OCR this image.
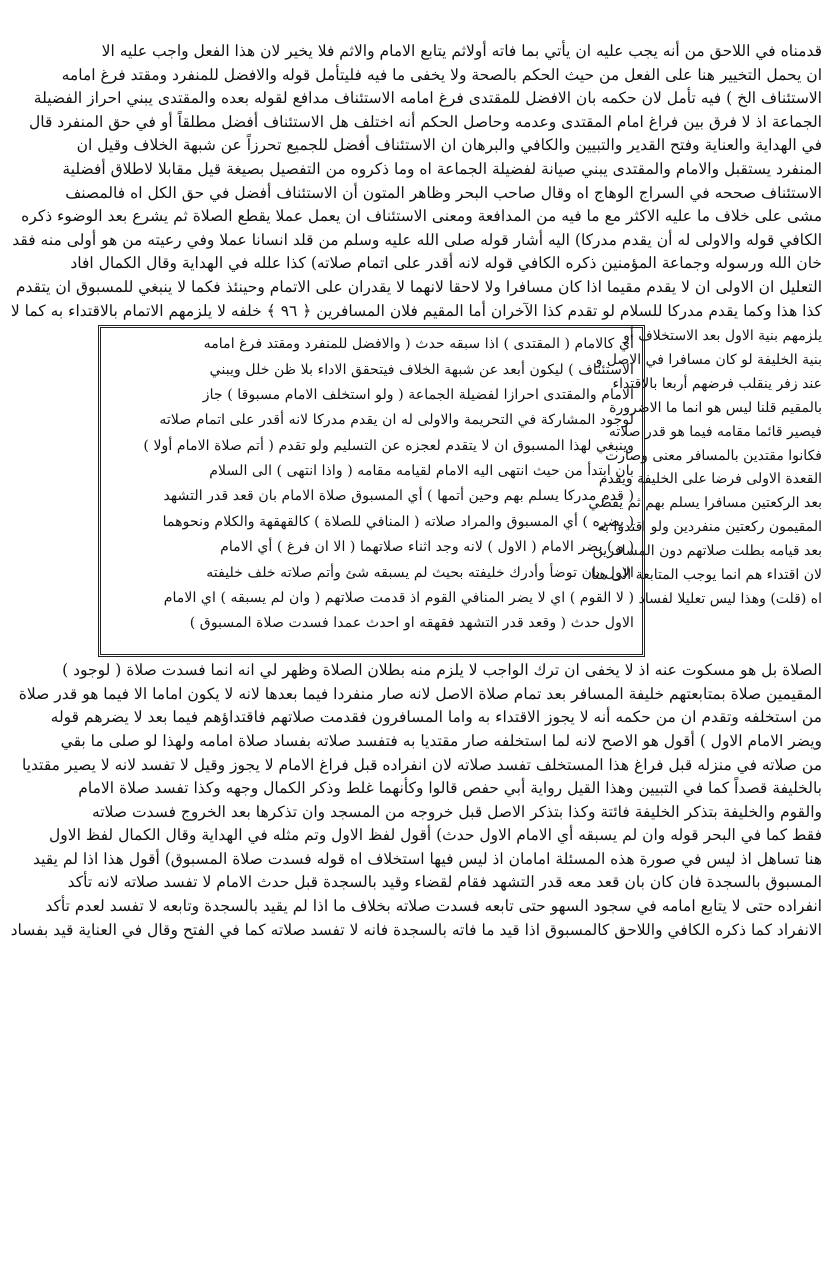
قدمناه في اللاحق من أنه يجب عليه ان يأتي بما فاته أولاثم يتابع الامام والاثم فلا يخير لان هذا الفعل واجب عليه الا
ان يحمل التخيير هنا على الفعل من حيث الحكم بالصحة ولا يخفى ما فيه فليتأمل قوله والافضل للمنفرد ومقتد فرغ امامه
الاستئناف الخ ) فيه تأمل لان حكمه بان الافضل للمقتدى فرغ امامه الاستئناف مدافع لقوله بعده والمقتدى يبني احراز الفضيلة
الجماعة اذ لا فرق بين فراغ امام المقتدى وعدمه وحاصل الحكم أنه اختلف هل الاستئناف أفضل مطلقاً أو في حق المنفرد قال
في الهداية والعناية وفتح القدير والتبيين والكافي والبرهان ان الاستئناف أفضل للجميع تحرزاً عن شبهة الخلاف وقيل ان
المنفرد يستقبل والامام والمقتدى يبني صيانة لفضيلة الجماعة اه وما ذكروه من التفصيل بصيغة قيل مقابلا لاطلاق أفضلية
الاستئناف صححه في السراج الوهاج اه وقال صاحب البحر وظاهر المتون أن الاستئناف أفضل في حق الكل اه فالمصنف
مشى على خلاف ما عليه الاكثر مع ما فيه من المدافعة ومعنى الاستئناف ان يعمل عملا يقطع الصلاة ثم يشرع بعد الوضوء ذكره
الكافي قوله والاولى له أن يقدم مدركا) اليه أشار قوله صلى الله عليه وسلم من قلد انسانا عملا وفي رعيته من هو أولى منه فقد
خان الله ورسوله وجماعة المؤمنين ذكره الكافي قوله لانه أقدر على اتمام صلاته) كذا علله في الهداية وقال الكمال افاد
التعليل ان الاولى ان لا يقدم مقيما اذا كان مسافرا ولا لاحقا لانهما لا يقدران على الاتمام وحينئذ فكما لا ينبغي للمسبوق ان يتقدم
كذا هذا وكما يقدم مدركا للسلام لو تقدم كذا الآخران أما المقيم فلان المسافرين ﴿ ٩٦ ﴾ خلفه لا يلزمهم الاتمام بالاقتداء به كما لا
يلزمهم بنية الاول بعد الاستخلاف أو
بنية الخليفة لو كان مسافرا في الاصل و
عند زفر ينقلب فرضهم أربعا بالاقتداء
بالمقيم قلنا ليس هو انما ما الاضرورة
فيصير قائما مقامه فيما هو قدر صلاته
فكانوا مقتدين بالمسافر معنى وصارت
القعدة الاولى فرضا على الخليفة ويقدم
بعد الركعتين مسافرا يسلم بهم ثم يقضي
المقيمون ركعتين منفردين ولو اقتدوا به
بعد قيامه بطلت صلاتهم دون المسافرين
لان اقتداء هم انما يوجب المتابعة الى هنا
اه (قلت) وهذا ليس تعليلا لفساد
أي كالامام ( المقتدى ) اذا سبقه حدث ( والافضل للمنفرد ومقتد فرغ امامه
الاستئناف ) ليكون أبعد عن شبهة الخلاف فيتحقق الاداء بلا ظن خلل ويبني
الامام والمقتدى احرازا لفضيلة الجماعة ( ولو استخلف الامام مسبوقا ) جاز
لوجود المشاركة في التحريمة والاولى له ان يقدم مدركا لانه أقدر على اتمام صلاته
وينبغي لهذا المسبوق ان لا يتقدم لعجزه عن التسليم ولو تقدم ( أتم صلاة الامام أولا )
بان ابتدأ من حيث انتهى اليه الامام لقيامه مقامه ( واذا انتهى ) الى السلام
( قدم مدركا يسلم بهم وحين أتمها ) أي المسبوق صلاة الامام بان قعد قدر التشهد
( يضره ) أي المسبوق والمراد صلاته ( المنافي للصلاة ) كالقهقهة والكلام ونحوهما
( و ) يضر الامام ( الاول ) لانه وجد اثناء صلاتهما ( الا ان فرغ ) أي الامام
الاول بان توضأ وأدرك خليفته بحيث لم يسبقه شئ وأتم صلاته خلف خليفته
( لا القوم ) اي لا يضر المنافي القوم اذ قدمت صلاتهم ( وان لم يسبقه ) اي الامام
الاول حدث ( وقعد قدر التشهد فقهقه او احدث عمدا فسدت صلاة المسبوق )
الصلاة بل هو مسكوت عنه اذ لا يخفى ان ترك الواجب لا يلزم منه بطلان الصلاة وظهر لي انه انما فسدت صلاة ( لوجود )
المقيمين صلاة بمتابعتهم خليفة المسافر بعد تمام صلاة الاصل لانه صار منفردا فيما بعدها لانه لا يكون اماما الا فيما هو قدر صلاة
من استخلفه وتقدم ان من حكمه أنه لا يجوز الاقتداء به واما المسافرون فقدمت صلاتهم فاقتداؤهم فيما بعد لا يضرهم قوله
ويضر الامام الاول ) أقول هو الاصح لانه لما استخلفه صار مقتديا به فتفسد صلاته بفساد صلاة امامه ولهذا لو صلى ما بقي
من صلاته في منزله قبل فراغ هذا المستخلف تفسد صلاته لان انفراده قبل فراغ الامام لا يجوز وقيل لا تفسد لانه لا يصير مقتديا
بالخليفة قصداً كما في التبيين وهذا القيل رواية أبي حفص قالوا وكأنهما غلط وذكر الكمال وجهه وكذا تفسد صلاة الامام
والقوم والخليفة بتذكر الخليفة فائتة وكذا بتذكر الاصل قبل خروجه من المسجد وان تذكرها بعد الخروج فسدت صلاته
فقط كما في البحر قوله وان لم يسبقه أي الامام الاول حدث) أقول لفظ الاول وتم مثله في الهداية وقال الكمال لفظ الاول
هنا تساهل اذ ليس في صورة هذه المسئلة امامان اذ ليس فيها استخلاف اه قوله فسدت صلاة المسبوق) أقول هذا اذا لم يقيد
المسبوق بالسجدة فان كان بان قعد معه قدر التشهد فقام لقضاء وقيد بالسجدة قبل حدث الامام لا تفسد صلاته لانه تأكد
انفراده حتى لا يتابع امامه في سجود السهو حتى تابعه فسدت صلاته بخلاف ما اذا لم يقيد بالسجدة وتابعه لا تفسد لعدم تأكد
الانفراد كما ذكره الكافي واللاحق كالمسبوق اذا قيد ما فاته بالسجدة فانه لا تفسد صلاته كما في الفتح وقال في العناية قيد بفساد
